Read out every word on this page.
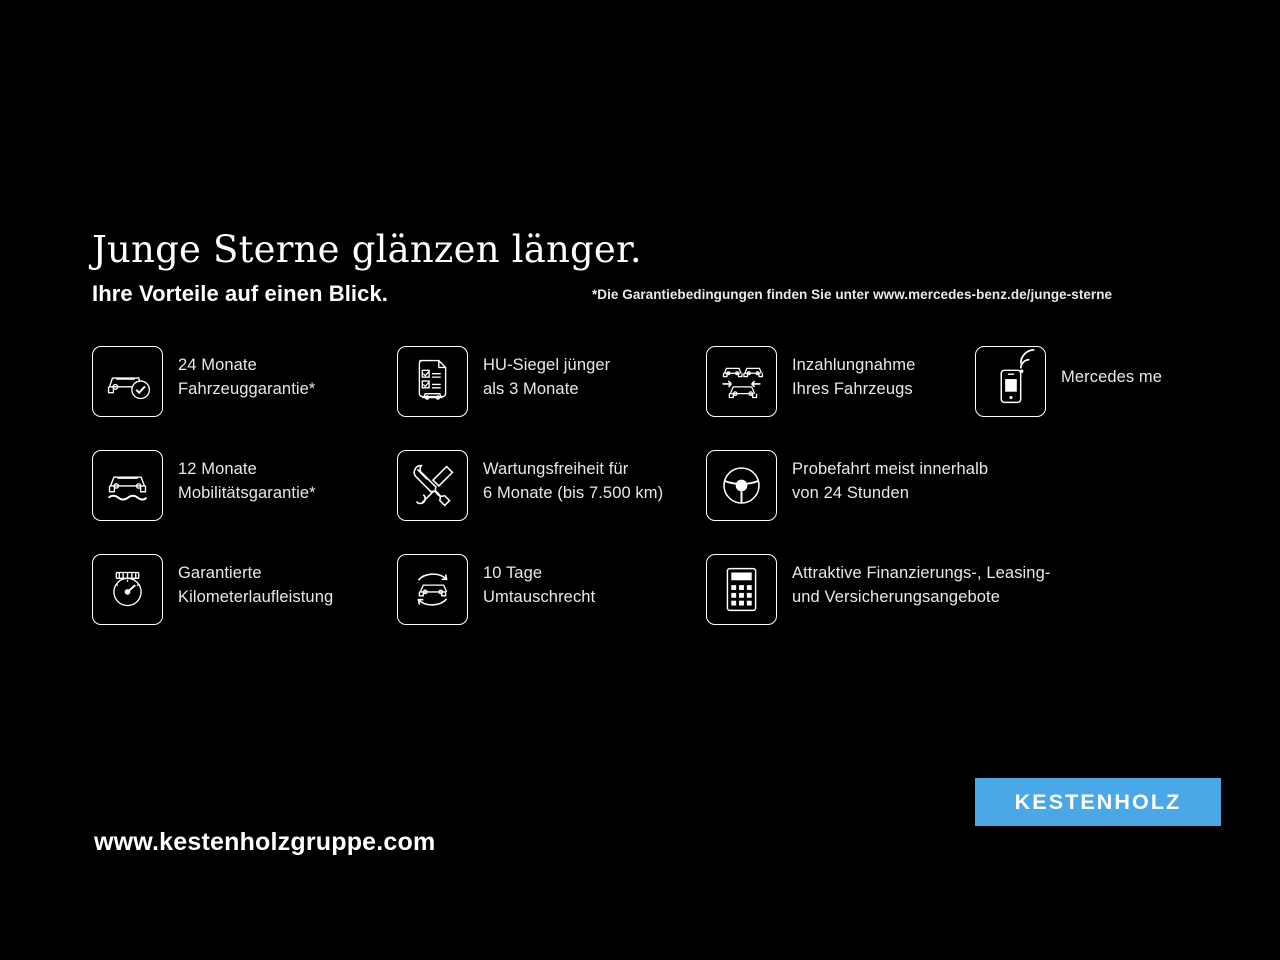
Junge Sterne glänzen länger.
Ihre Vorteile auf einen Blick.	*Die Garantiebedingungen finden Sie unter www.mercedes-benz.de/junge-sterne
24 Monate
Fahrzeuggarantie*
12 Monate
Mobilitätsgarantie*
Garantierte
Kilometerlaufleistung
HU-Siegel jünger
als 3 Monate
Wartungsfreiheit für
6 Monate (bis 7.500 km)
10 Tage
Umtauschrecht
Inzahlungnahme
Ihres Fahrzeugs
Probefahrt meist innerhalb
von 24 Stunden
Attraktive Finanzierungs-, Leasing-
und Versicherungsangebote
Mercedes me
www.kestenholzgruppe.com
KESTENHOLZ
